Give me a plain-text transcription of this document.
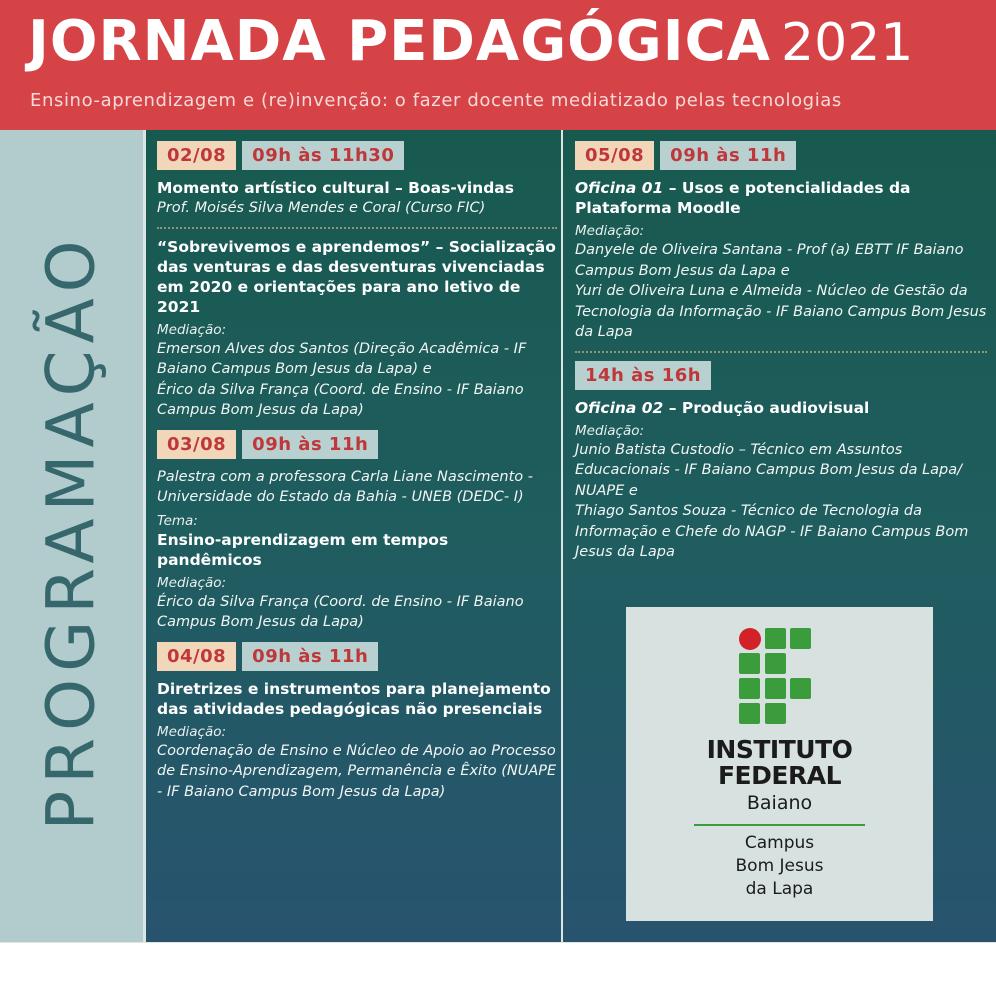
JORNADA PEDAGÓGICA 2021
Ensino-aprendizagem e (re)invenção: o fazer docente mediatizado pelas tecnologias
PROGRAMAÇÃO
02/08	09h às 11h30
Momento artístico cultural – Boas-vindas
Prof. Moisés Silva Mendes e Coral (Curso FIC)
“Sobrevivemos e aprendemos” – Socialização das venturas e das desventuras vivenciadas em 2020 e orientações para ano letivo de 2021
Mediação:
Emerson Alves dos Santos (Direção Acadêmica - IF Baiano Campus Bom Jesus da Lapa) e
Érico da Silva França (Coord. de Ensino - IF Baiano Campus Bom Jesus da Lapa)
03/08	09h às 11h
Palestra com a professora Carla Liane Nascimento - Universidade do Estado da Bahia - UNEB (DEDC- I)
Tema:
Ensino-aprendizagem em tempos pandêmicos
Mediação:
Érico da Silva França (Coord. de Ensino - IF Baiano Campus Bom Jesus da Lapa)
04/08	09h às 11h
Diretrizes e instrumentos para planejamento das atividades pedagógicas não presenciais
Mediação:
Coordenação de Ensino e Núcleo de Apoio ao Processo de Ensino-Aprendizagem, Permanência e Êxito (NUAPE - IF Baiano Campus Bom Jesus da Lapa)
05/08	09h às 11h
Oficina 01 – Usos e potencialidades da Plataforma Moodle
Mediação:
Danyele de Oliveira Santana - Prof (a) EBTT IF Baiano Campus Bom Jesus da Lapa e
Yuri de Oliveira Luna e Almeida - Núcleo de Gestão da Tecnologia da Informação - IF Baiano Campus Bom Jesus da Lapa
14h às 16h
Oficina 02 – Produção audiovisual
Mediação:
Junio Batista Custodio – Técnico em Assuntos Educacionais - IF Baiano Campus Bom Jesus da Lapa/ NUAPE e
Thiago Santos Souza - Técnico de Tecnologia da Informação e Chefe do NAGP - IF Baiano Campus Bom Jesus da Lapa
INSTITUTO
FEDERAL
Baiano
Campus
Bom Jesus
da Lapa
